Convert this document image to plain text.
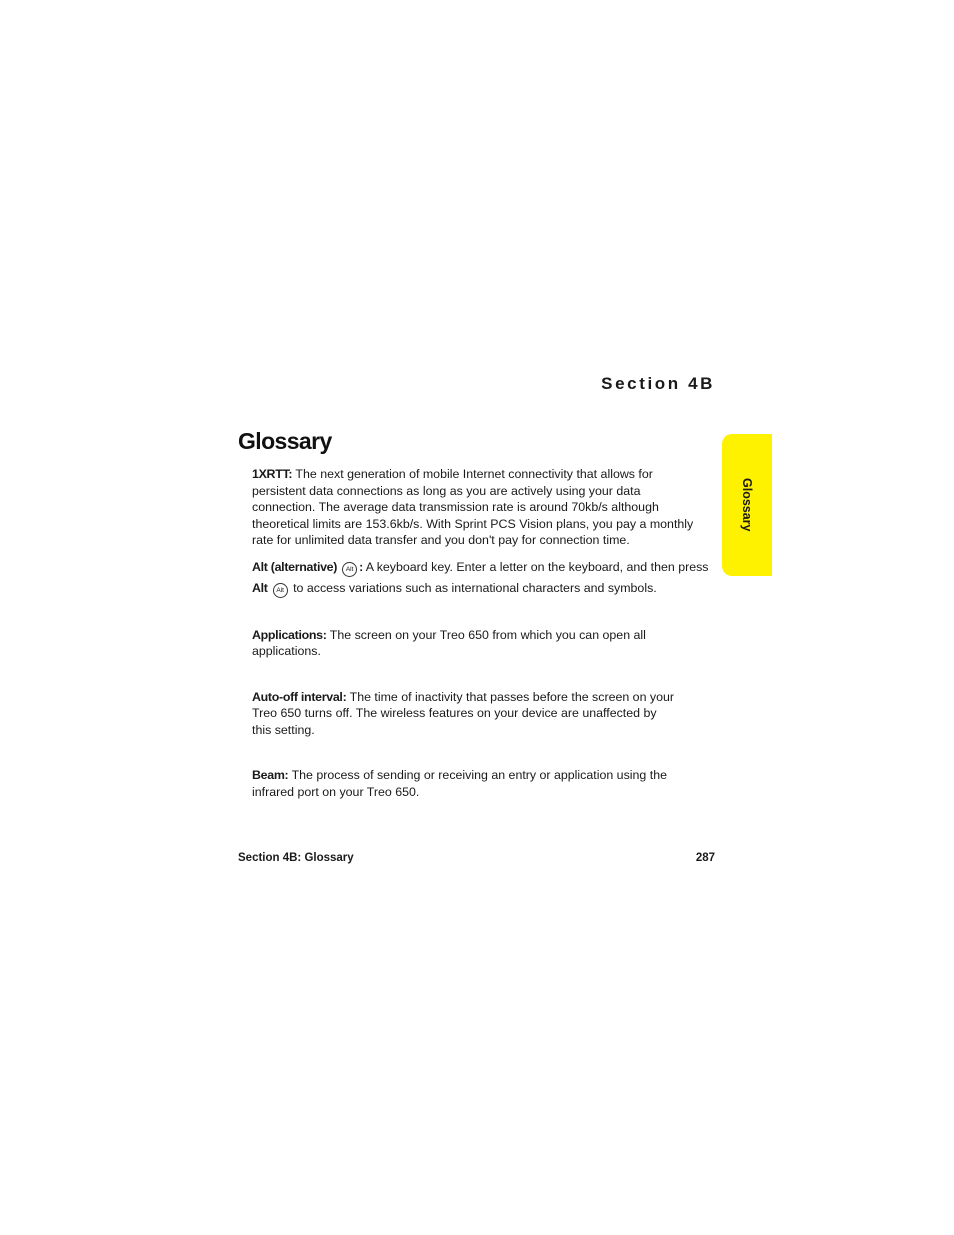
Section 4B
Glossary
Glossary
1XRTT: The next generation of mobile Internet connectivity that allows for
persistent data connections as long as you are actively using your data
connection. The average data transmission rate is around 70kb/s although
theoretical limits are 153.6kb/s. With Sprint PCS Vision plans, you pay a monthly
rate for unlimited data transfer and you don't pay for connection time.
Alt (alternative) Alt : A keyboard key. Enter a letter on the keyboard, and then press
Alt Alt to access variations such as international characters and symbols.
Applications: The screen on your Treo 650 from which you can open all
applications.
Auto-off interval: The time of inactivity that passes before the screen on your
Treo 650 turns off. The wireless features on your device are unaffected by
this setting.
Beam: The process of sending or receiving an entry or application using the
infrared port on your Treo 650.
Section 4B: Glossary	287
